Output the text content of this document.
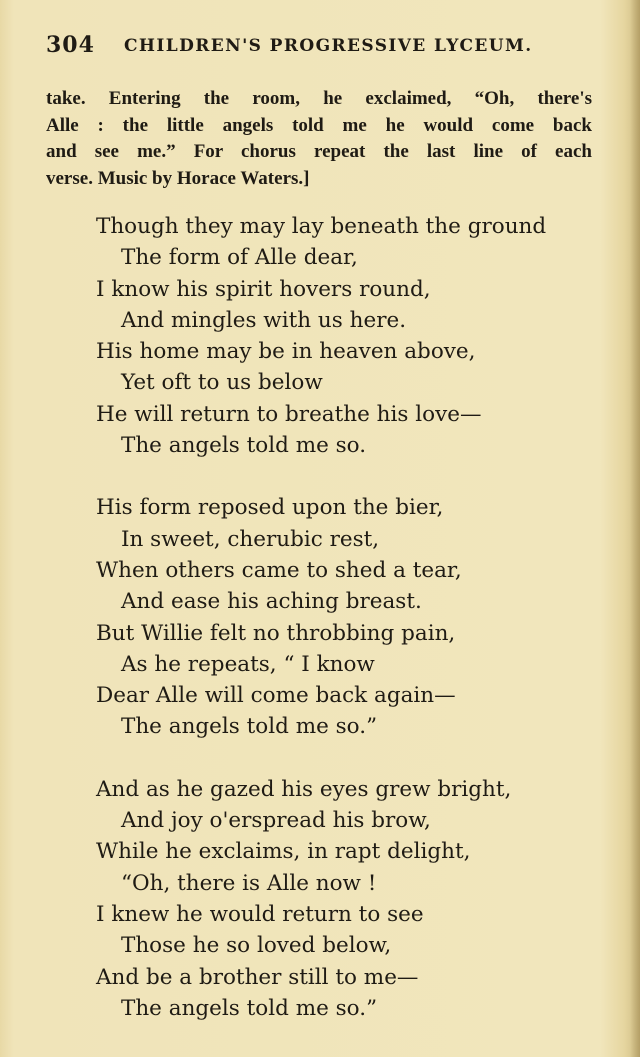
304 CHILDREN'S PROGRESSIVE LYCEUM.
take. Entering the room, he exclaimed, “Oh, there's
Alle : the little angels told me he would come back
and see me.” For chorus repeat the last line of each
verse. Music by Horace Waters.]
Though they may lay beneath the ground
The form of Alle dear,
I know his spirit hovers round,
And mingles with us here.
His home may be in heaven above,
Yet oft to us below
He will return to breathe his love—
The angels told me so.
His form reposed upon the bier,
In sweet, cherubic rest,
When others came to shed a tear,
And ease his aching breast.
But Willie felt no throbbing pain,
As he repeats, “ I know
Dear Alle will come back again—
The angels told me so.”
And as he gazed his eyes grew bright,
And joy o'erspread his brow,
While he exclaims, in rapt delight,
“Oh, there is Alle now !
I knew he would return to see
Those he so loved below,
And be a brother still to me—
The angels told me so.”
